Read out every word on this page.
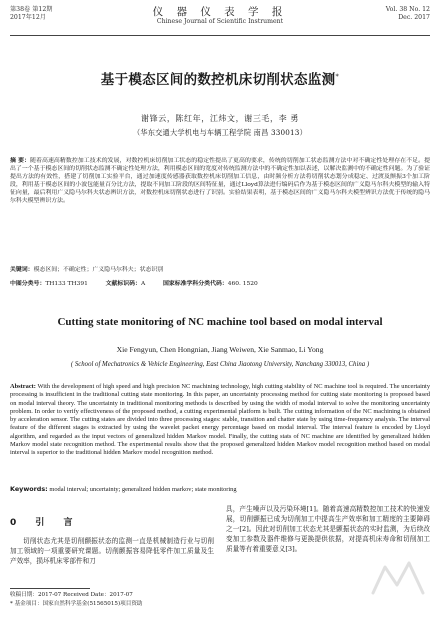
第38卷 第12期
2017年12月	仪 器 仪 表 学 报
Chinese Journal of Scientific Instrument
Vol. 38 No. 12
Dec. 2017
基于模态区间的数控机床切削状态监测*
谢锋云，陈红年，江炜文，谢三毛，李 勇
（华东交通大学机电与车辆工程学院 南昌 330013）
摘 要：随着高速高精数控加工技术的发展，对数控机床切削加工状态的稳定性提出了更高的要求，传统的切削加工状态监测方法中对不确定性处理存在不足。提出了一个基于模态区间的切削状态监测不确定性处理方法，利用模态区间的宽度对传统监测方法中的不确定性加以表述，以解决监测中的不确定性问题。为了验证提出方法的有效性，搭建了切削加工实验平台，通过加速度传感器获取数控机床切削加工信息，由时频分析方法将切削状态划分成稳定、过渡及颤振3个加工阶段，利用基于模态区间的小波包能量百分比方法，提取不同加工阶段的区间特征量，通过Lloyd算法进行编码后作为基于模态区间的广义隐马尔科夫模型的输入特征向量，最后利用广义隐马尔科夫状态辨识方法，对数控机床切削状态进行了识别。实验结果表明，基于模态区间的广义隐马尔科夫模型辨识方法优于传统的隐马尔科夫模型辨识方法。
关键词：模态区间；不确定性；广义隐马尔科夫；状态识别
中图分类号：TH133 TH391	文献标识码：A	国家标准学科分类代码：460. 1520
Cutting state monitoring of NC machine tool based on modal interval
Xie Fengyun, Chen Hongnian, Jiang Weiwen, Xie Sanmao, Li Yong
( School of Mechatronics & Vehicle Engineering, East China Jiaotong University, Nanchang 330013, China )
Abstract: With the development of high speed and high precision NC machining technology, high cutting stability of NC machine tool is required. The uncertainty processing is insufficient in the traditional cutting state monitoring. In this paper, an uncertainty processing method for cutting state monitoring is proposed based on modal interval theory. The uncertainty in traditional monitoring methods is described by using the width of modal interval to solve the monitoring uncertainty problem. In order to verify effectiveness of the proposed method, a cutting experimental platform is built. The cutting information of the NC machining is obtained by acceleration sensor. The cutting states are divided into three processing stages: stable, transition and chatter state by using time-frequency analysis. The interval feature of the different stages is extracted by using the wavelet packet energy percentage based on modal interval. The interval feature is encoded by Lloyd algorithm, and regarded as the input vectors of generalized hidden Markov model. Finally, the cutting stats of NC machine are identified by generalized hidden Markov model state recognition method. The experimental results show that the proposed generalized hidden Markov model recognition method based on modal interval is superior to the traditional hidden Markov model recognition method.
Keywords: modal interval; uncertainty; generalized hidden markov; state monitoring
0 引 言
切削状态尤其是切削颤振状态的监测一直是机械制造行业与切削加工领域的一项重要研究课题。切削颤振容易降低零件加工质量及生产效率，损坏机床零部件和刀
具，产生噪声以及污染环境[1]。随着高速高精数控加工技术的快速发展，切削颤振已成为切削加工中提高生产效率和加工精度的主要障碍之一[2]。因此对切削加工状态尤其是颤振状态的实时监测，为后续改变加工参数及器件维修与更换提供依据，对提高机床寿命和切削加工质量等有着重要意义[3]。
收稿日期：2017-07 Received Date：2017-07
* 基金项目：国家自然科学基金(51565015)项目资助
